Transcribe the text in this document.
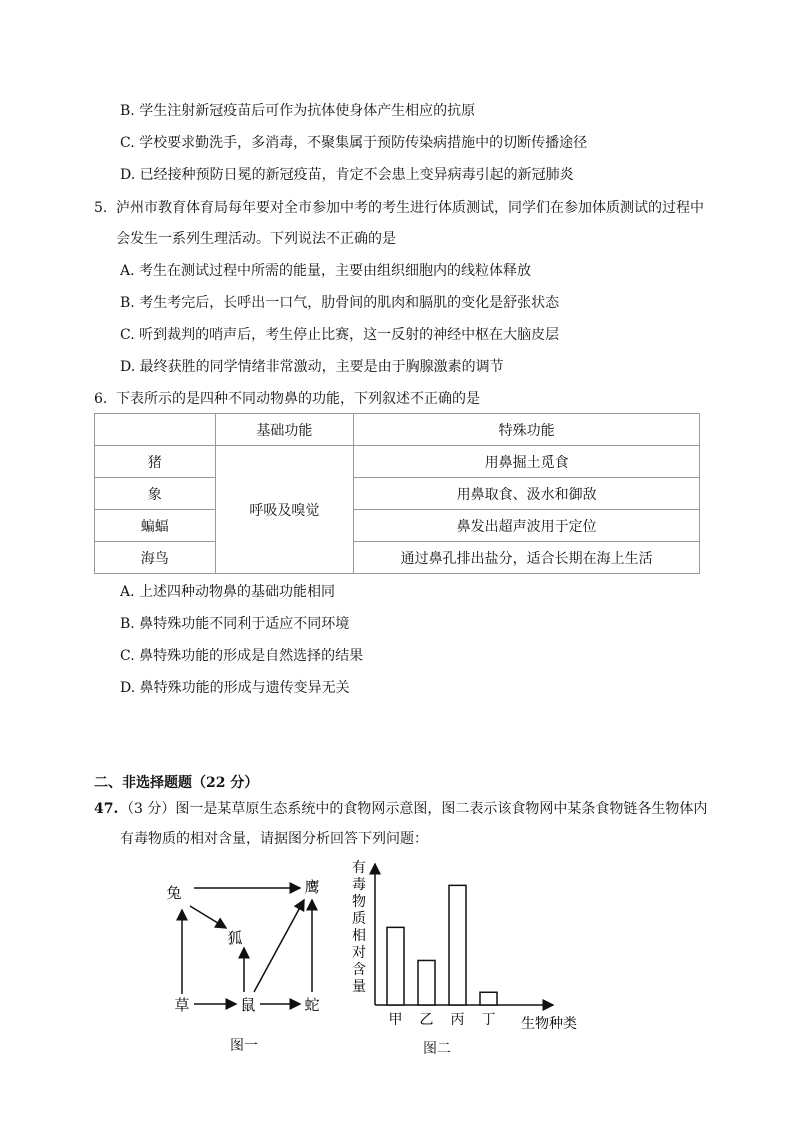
B. 学生注射新冠疫苗后可作为抗体使身体产生相应的抗原
C. 学校要求勤洗手，多消毒，不聚集属于预防传染病措施中的切断传播途径
D. 已经接种预防日冕的新冠疫苗，肯定不会患上变异病毒引起的新冠肺炎
5. 泸州市教育体育局每年要对全市参加中考的考生进行体质测试，同学们在参加体质测试的过程中
会发生一系列生理活动。下列说法不正确的是
A. 考生在测试过程中所需的能量，主要由组织细胞内的线粒体释放
B. 考生考完后，长呼出一口气，肋骨间的肌肉和膈肌的变化是舒张状态
C. 听到裁判的哨声后，考生停止比赛，这一反射的神经中枢在大脑皮层
D. 最终获胜的同学情绪非常激动，主要是由于胸腺激素的调节
6. 下表所示的是四种不同动物鼻的功能，下列叙述不正确的是
	基础功能	特殊功能
猪	呼吸及嗅觉	用鼻掘土觅食
象		用鼻取食、汲水和御敌
蝙蝠		鼻发出超声波用于定位
海鸟		通过鼻孔排出盐分，适合长期在海上生活
A. 上述四种动物鼻的基础功能相同
B. 鼻特殊功能不同利于适应不同环境
C. 鼻特殊功能的形成是自然选择的结果
D. 鼻特殊功能的形成与遗传变异无关
二、非选择题题（22 分）
47. （3 分）图一是某草原生态系统中的食物网示意图，图二表示该食物网中某条食物链各生物体内
有毒物质的相对含量，请据图分析回答下列问题：
兔	鹰
狐
草	鼠	蛇
图一
有毒物质相对含量
甲 乙 丙 丁 生物种类
图二
